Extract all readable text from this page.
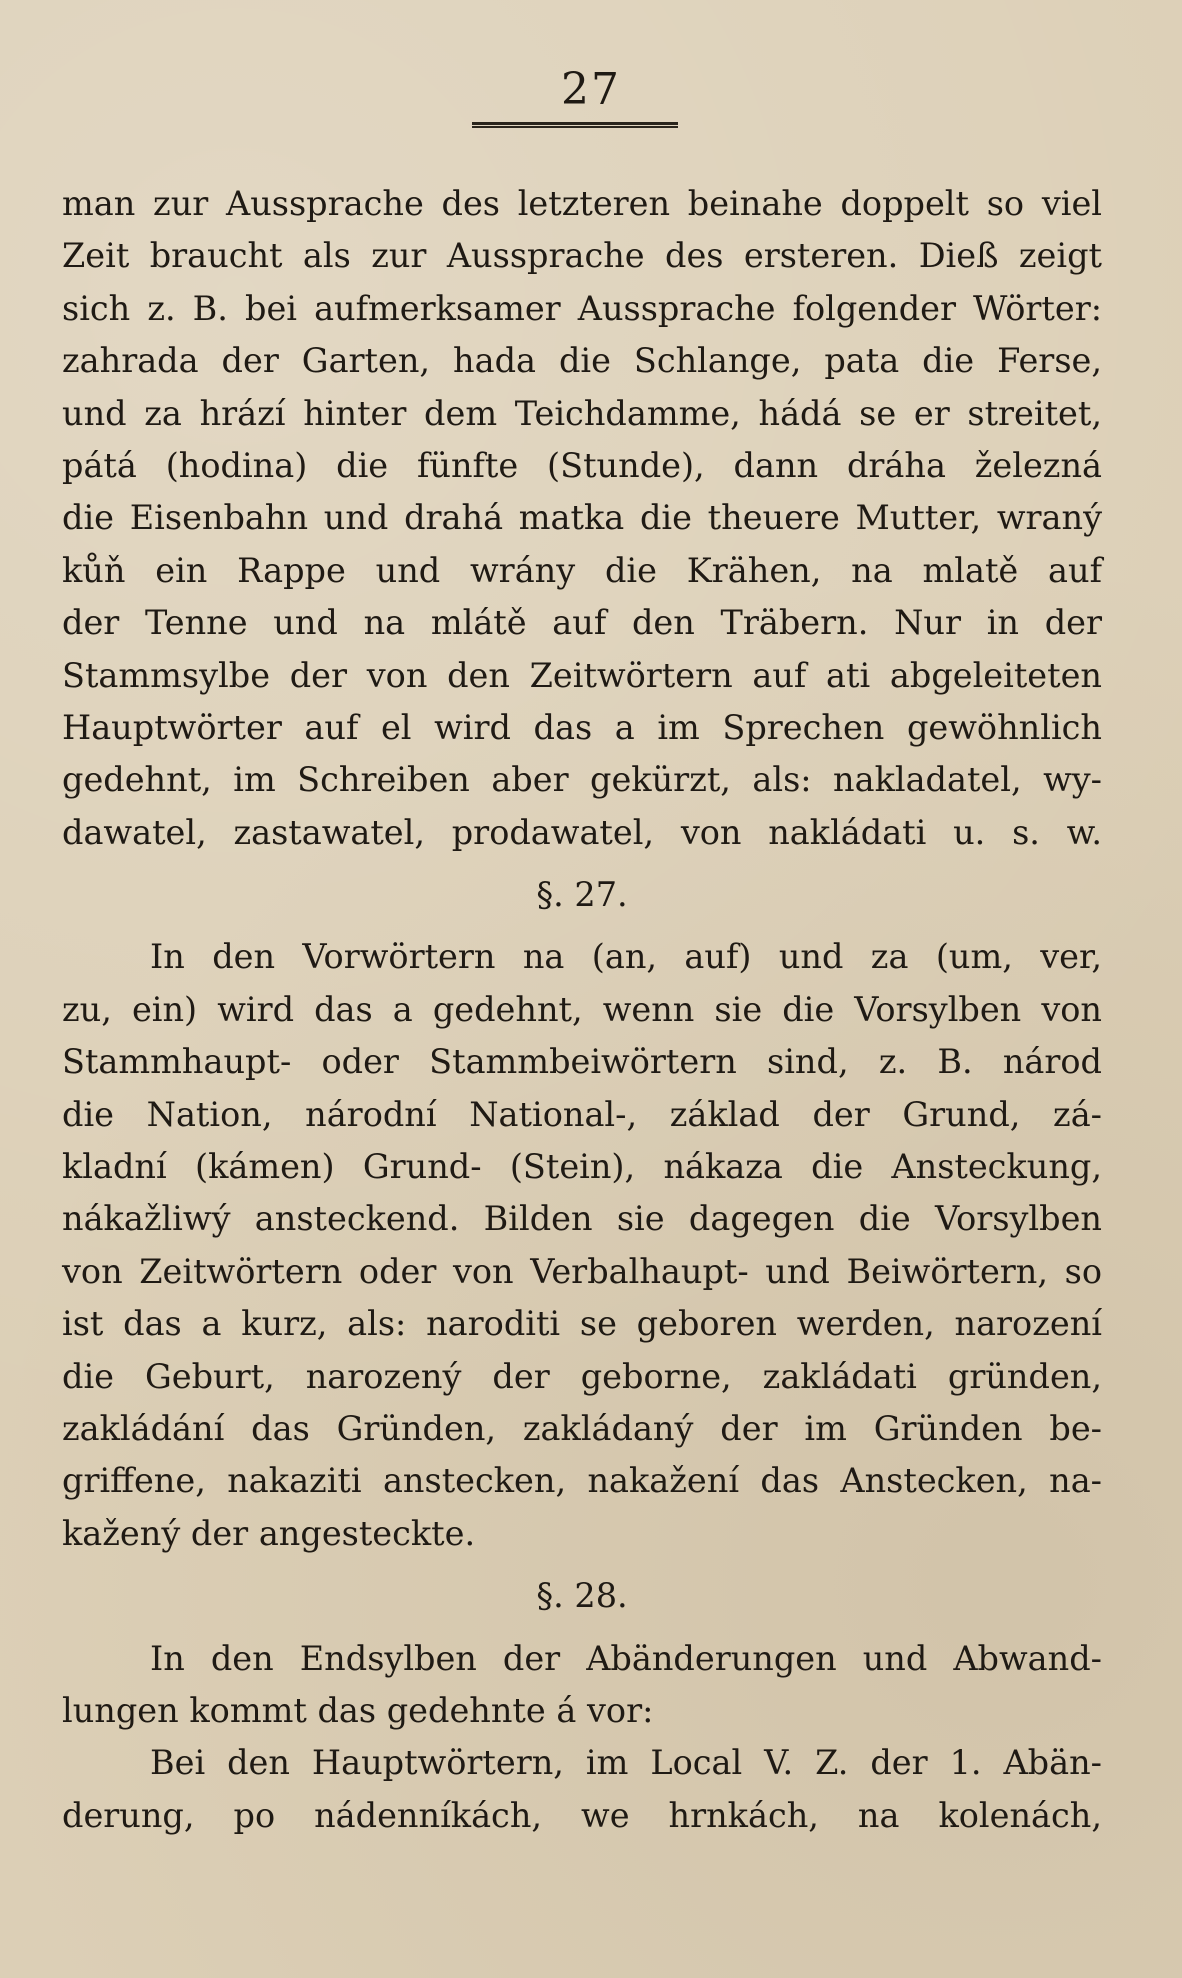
27
man zur Aussprache des letzteren beinahe doppelt so viel
Zeit braucht als zur Aussprache des ersteren. Dieß zeigt
sich z. B. bei aufmerksamer Aussprache folgender Wörter:
zahrada der Garten, hada die Schlange, pata die Ferse,
und za hrází hinter dem Teichdamme, hádá se er streitet,
pátá (hodina) die fünfte (Stunde), dann dráha železná
die Eisenbahn und drahá matka die theuere Mutter, wraný
kůň ein Rappe und wrány die Krähen, na mlatě auf
der Tenne und na mlátě auf den Träbern. Nur in der
Stammsylbe der von den Zeitwörtern auf ati abgeleiteten
Hauptwörter auf el wird das a im Sprechen gewöhnlich
gedehnt, im Schreiben aber gekürzt, als: nakladatel, wy-
dawatel, zastawatel, prodawatel, von nakládati u. s. w.
§. 27.
In den Vorwörtern na (an, auf) und za (um, ver,
zu, ein) wird das a gedehnt, wenn sie die Vorsylben von
Stammhaupt- oder Stammbeiwörtern sind, z. B. národ
die Nation, národní National-, základ der Grund, zá-
kladní (kámen) Grund- (Stein), nákaza die Ansteckung,
nákažliwý ansteckend. Bilden sie dagegen die Vorsylben
von Zeitwörtern oder von Verbalhaupt- und Beiwörtern, so
ist das a kurz, als: naroditi se geboren werden, narození
die Geburt, narozený der geborne, zakládati gründen,
zakládání das Gründen, zakládaný der im Gründen be-
griffene, nakaziti anstecken, nakažení das Anstecken, na-
kažený der angesteckte.
§. 28.
In den Endsylben der Abänderungen und Abwand-
lungen kommt das gedehnte á vor:
Bei den Hauptwörtern, im Local V. Z. der 1. Abän-
derung, po nádenníkách, we hrnkách, na kolenách,
